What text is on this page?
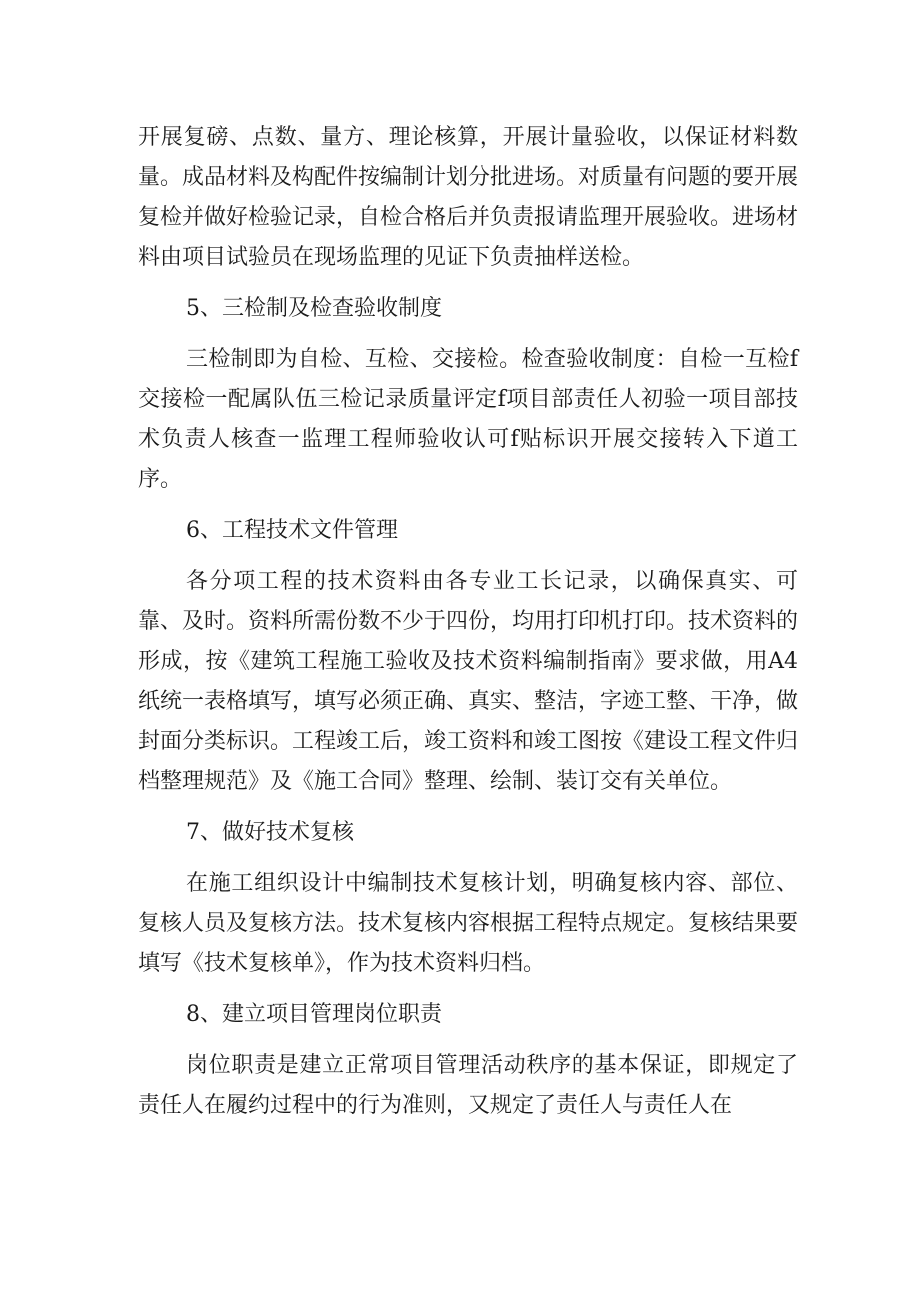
开展复磅、点数、量方、理论核算，开展计量验收，以保证材料数量。成品材料及构配件按编制计划分批进场。对质量有问题的要开展复检并做好检验记录，自检合格后并负责报请监理开展验收。进场材料由项目试验员在现场监理的见证下负责抽样送检。

5、三检制及检查验收制度

三检制即为自检、互检、交接检。检查验收制度：自检一互检f交接检一配属队伍三检记录质量评定f项目部责任人初验一项目部技术负责人核查一监理工程师验收认可f贴标识开展交接转入下道工序。

6、工程技术文件管理

各分项工程的技术资料由各专业工长记录，以确保真实、可靠、及时。资料所需份数不少于四份，均用打印机打印。技术资料的形成，按《建筑工程施工验收及技术资料编制指南》要求做，用A4纸统一表格填写，填写必须正确、真实、整洁，字迹工整、干净，做封面分类标识。工程竣工后，竣工资料和竣工图按《建设工程文件归档整理规范》及《施工合同》整理、绘制、装订交有关单位。

7、做好技术复核

在施工组织设计中编制技术复核计划，明确复核内容、部位、复核人员及复核方法。技术复核内容根据工程特点规定。复核结果要填写《技术复核单》，作为技术资料归档。

8、建立项目管理岗位职责

岗位职责是建立正常项目管理活动秩序的基本保证，即规定了责任人在履约过程中的行为准则，又规定了责任人与责任人在
